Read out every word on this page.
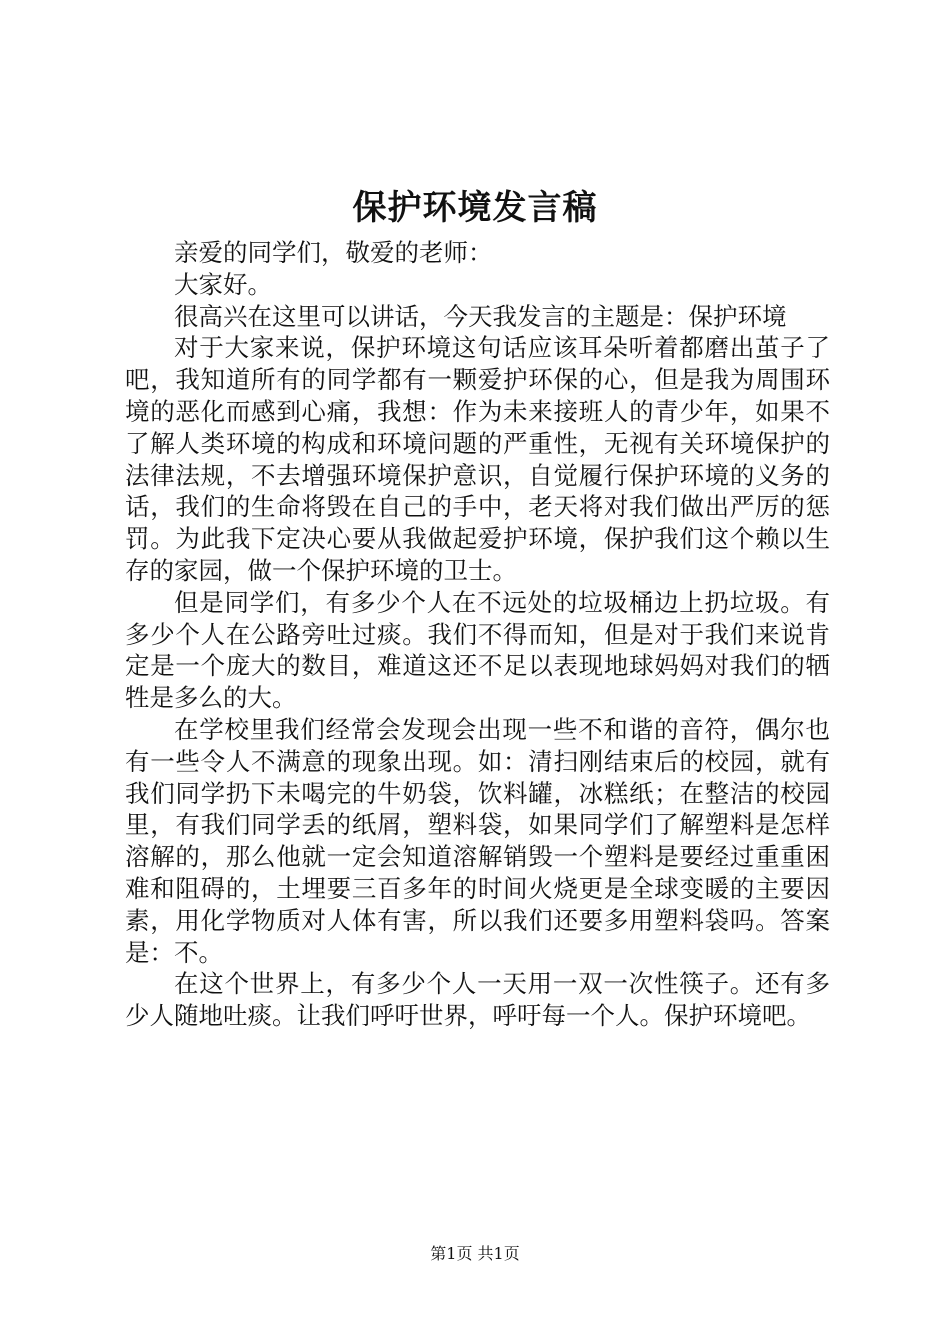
保护环境发言稿

亲爱的同学们，敬爱的老师：

大家好。

很高兴在这里可以讲话，今天我发言的主题是：保护环境

对于大家来说，保护环境这句话应该耳朵听着都磨出茧子了吧，我知道所有的同学都有一颗爱护环保的心，但是我为周围环境的恶化而感到心痛，我想：作为未来接班人的青少年，如果不了解人类环境的构成和环境问题的严重性，无视有关环境保护的法律法规，不去增强环境保护意识，自觉履行保护环境的义务的话，我们的生命将毁在自己的手中，老天将对我们做出严厉的惩罚。为此我下定决心要从我做起爱护环境，保护我们这个赖以生存的家园，做一个保护环境的卫士。

但是同学们，有多少个人在不远处的垃圾桶边上扔垃圾。有多少个人在公路旁吐过痰。我们不得而知，但是对于我们来说肯定是一个庞大的数目，难道这还不足以表现地球妈妈对我们的牺牲是多么的大。

在学校里我们经常会发现会出现一些不和谐的音符，偶尔也有一些令人不满意的现象出现。如：清扫刚结束后的校园，就有我们同学扔下未喝完的牛奶袋，饮料罐，冰糕纸；在整洁的校园里，有我们同学丢的纸屑，塑料袋，如果同学们了解塑料是怎样溶解的，那么他就一定会知道溶解销毁一个塑料是要经过重重困难和阻碍的，土埋要三百多年的时间火烧更是全球变暖的主要因素，用化学物质对人体有害，所以我们还要多用塑料袋吗。答案是：不。

在这个世界上，有多少个人一天用一双一次性筷子。还有多少人随地吐痰。让我们呼吁世界，呼吁每一个人。保护环境吧。

第1页 共1页
